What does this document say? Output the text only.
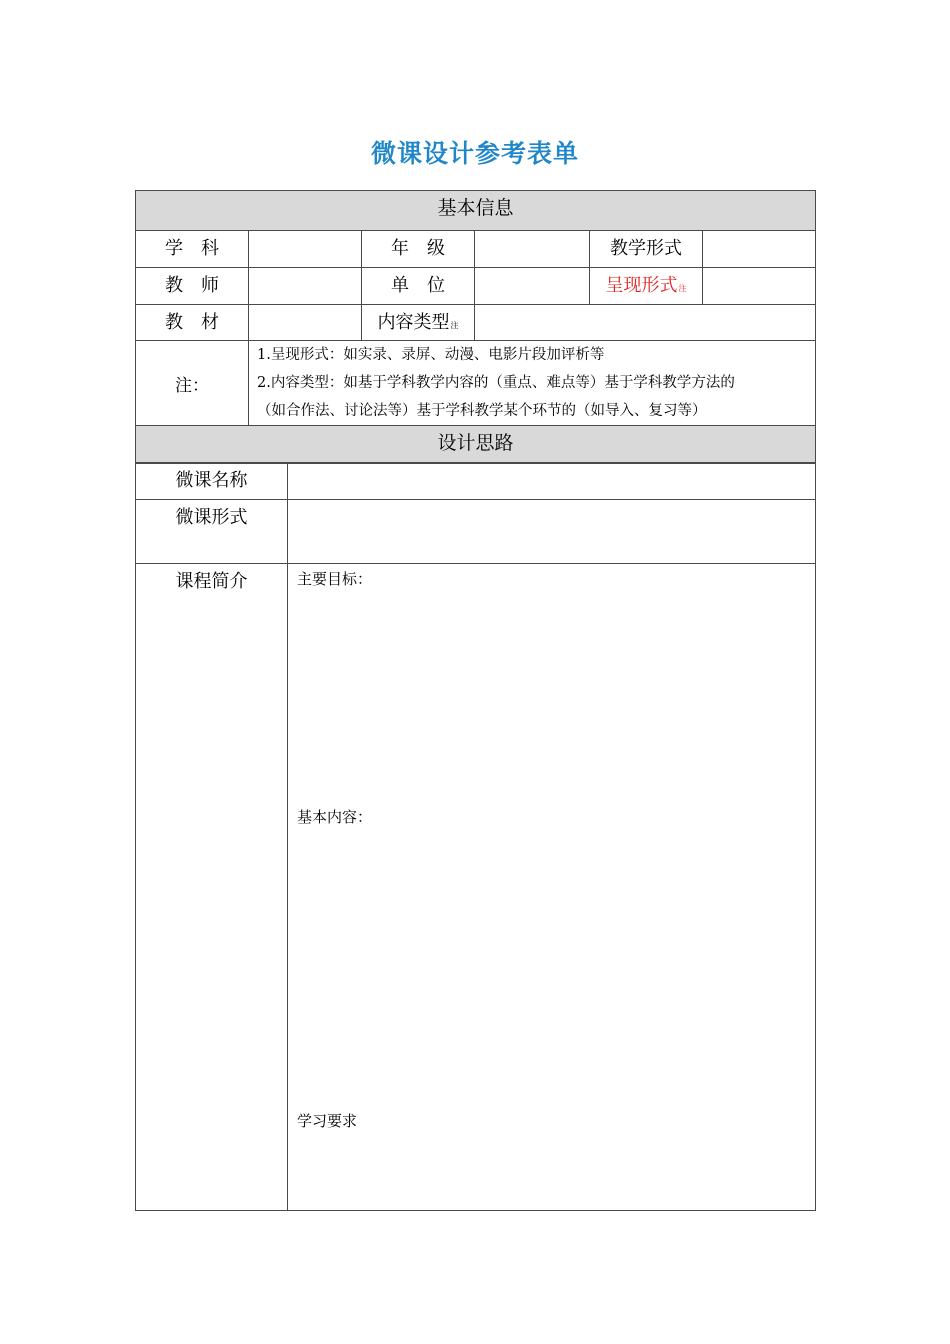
微课设计参考表单
基本信息					
学　科		年　级		教学形式	
教　师		单　位		呈现形式注	
教　材		内容类型注			
注：	1.呈现形式：如实录、录屏、动漫、电影片段加评析等
2.内容类型：如基于学科教学内容的（重点、难点等）基于学科教学方法的
（如合作法、讨论法等）基于学科教学某个环节的（如导入、复习等）				

设计思路					
微课名称	
微课形式	
课程简介	主要目标：
基本内容：
学习要求
